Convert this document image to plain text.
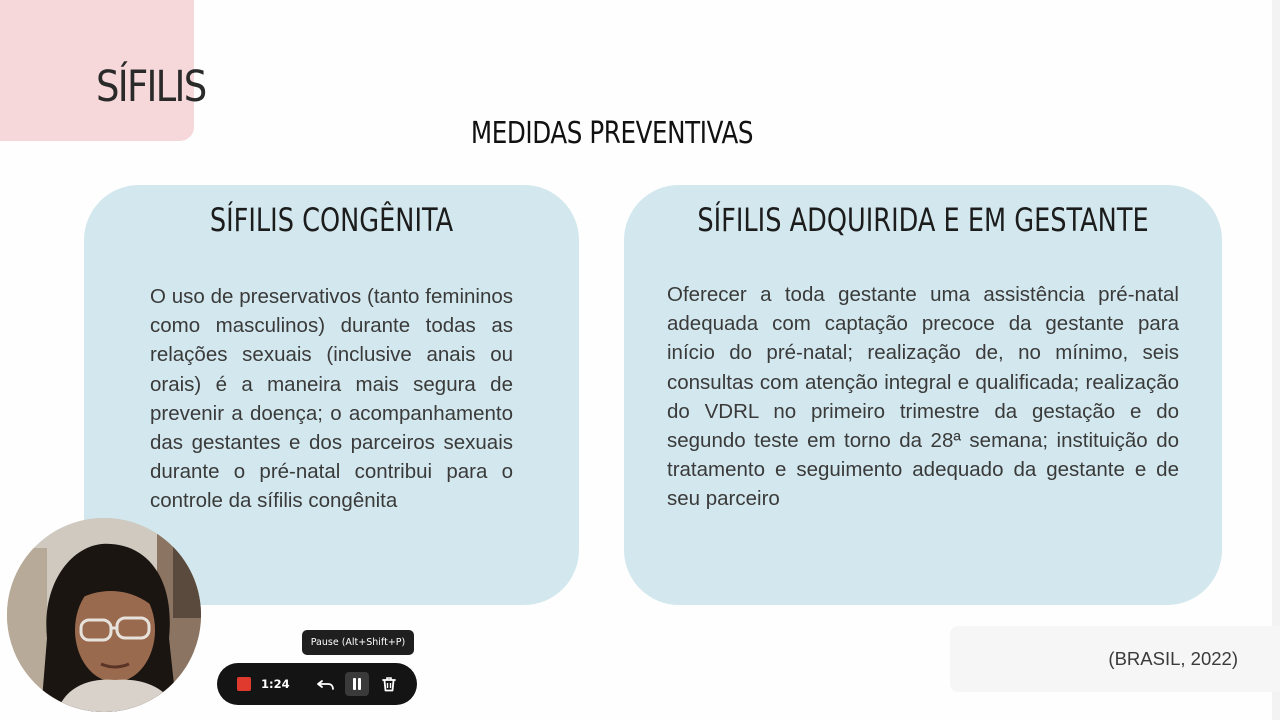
SÍFILIS
MEDIDAS PREVENTIVAS
SÍFILIS CONGÊNITA
O uso de preservativos (tanto femininos como masculinos) durante todas as relações sexuais (inclusive anais ou orais) é a maneira mais segura de prevenir a doença; o acompanhamento das gestantes e dos parceiros sexuais durante o pré-natal contribui para o controle da sífilis congênita
SÍFILIS ADQUIRIDA E EM GESTANTE
Oferecer a toda gestante uma assistência pré-natal adequada com captação precoce da gestante para início do pré-natal; realização de, no mínimo, seis consultas com atenção integral e qualificada; realização do VDRL no primeiro trimestre da gestação e do segundo teste em torno da 28ª semana; instituição do tratamento e seguimento adequado da gestante e de seu parceiro
(BRASIL, 2022)
Pause (Alt+Shift+P)
1:24
